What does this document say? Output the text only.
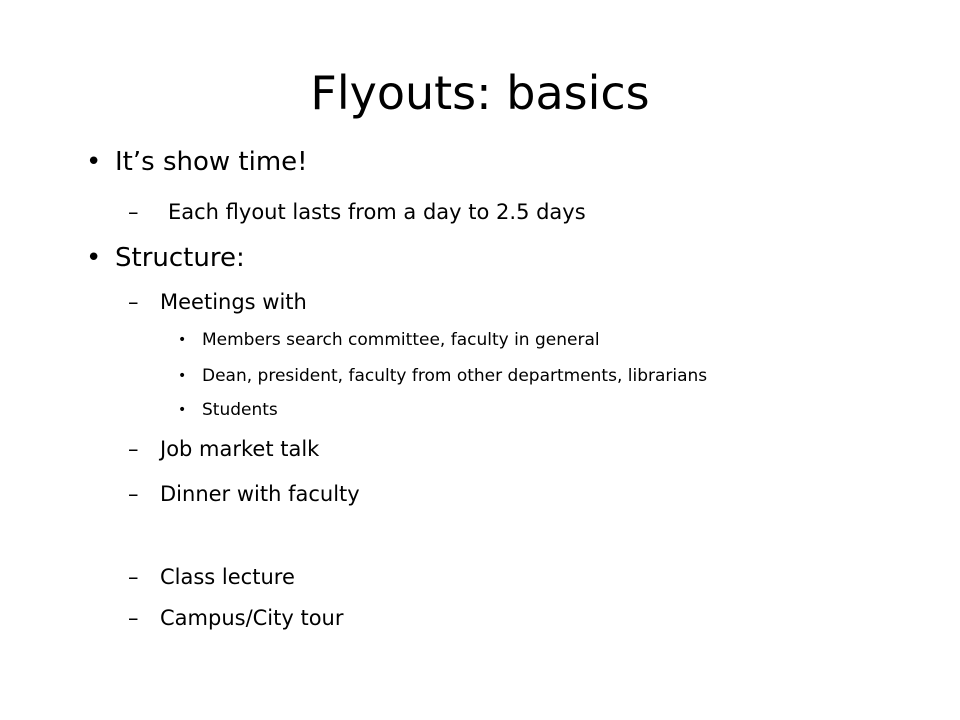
Flyouts: basics
• It’s show time!
– Each flyout lasts from a day to 2.5 days
• Structure:
– Meetings with
• Members search committee, faculty in general
• Dean, president, faculty from other departments, librarians
• Students
– Job market talk
– Dinner with faculty
– Class lecture
– Campus/City tour
